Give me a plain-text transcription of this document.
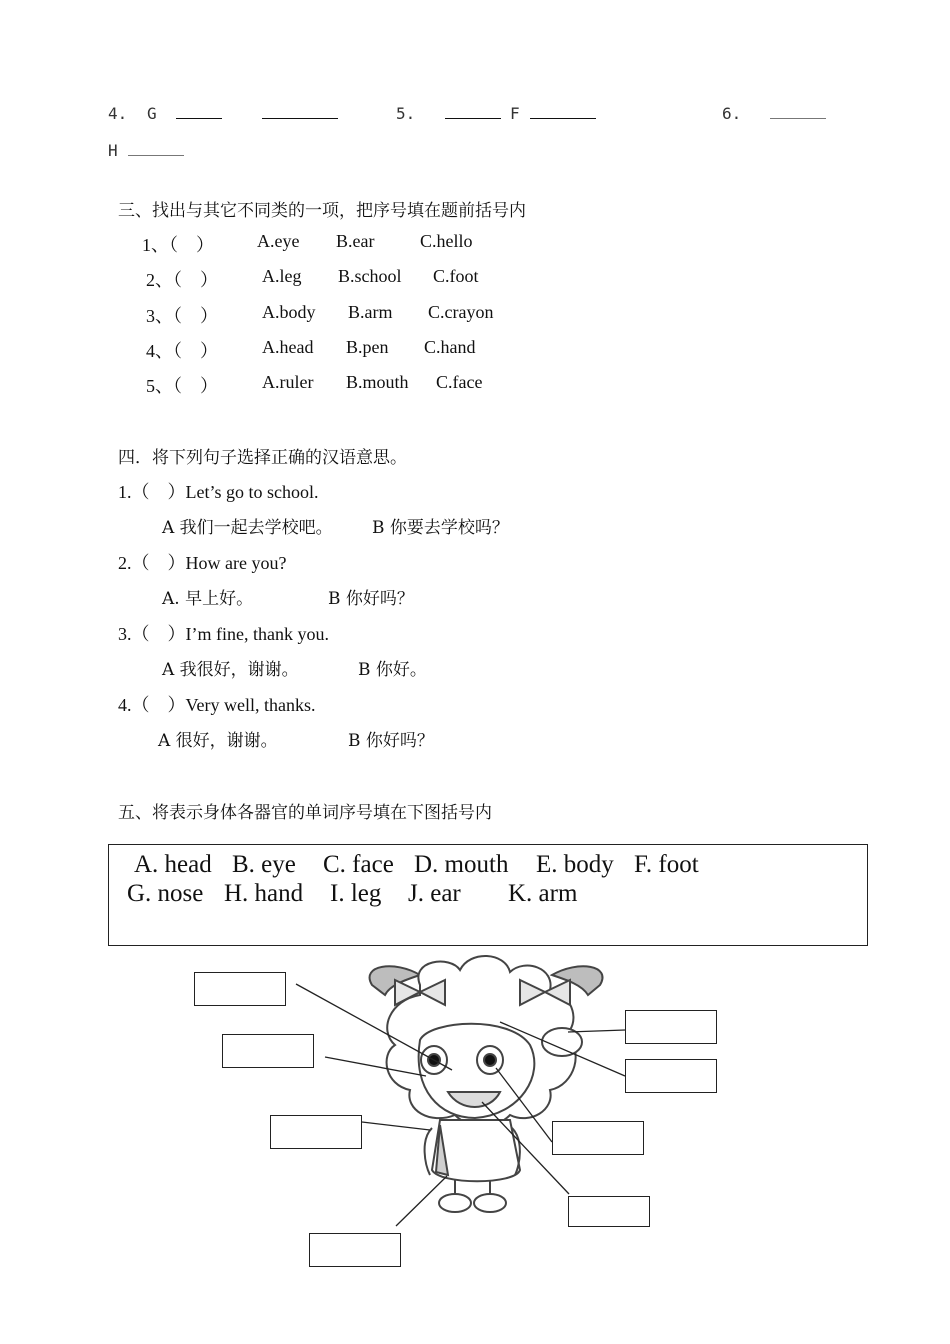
4. G	5.	F	6.
H
三、找出与其它不同类的一项，把序号填在题前括号内
1、（　） A.eye B.ear	C.hello
2、（　） A.leg B.school C.foot
3、（　） A.body B.arm C.crayon
4、（　） A.head B.pen C.hand
5、（　） A.ruler B.mouth C.face
四．将下列句子选择正确的汉语意思。
1.（　）Let’s go to school.
A 我们一起去学校吧。 B 你要去学校吗？
2.（　）How are you?
A. 早上好。	B 你好吗？
3.（　）I’m fine, thank you.
A 我很好，谢谢。	B 你好。
4.（　）Very well, thanks.
A 很好，谢谢。	B 你好吗？
五、将表示身体各器官的单词序号填在下图括号内
A. head B. eye C. face D. mouth E. body F. foot
G. nose H. hand I. leg J. ear K. arm
